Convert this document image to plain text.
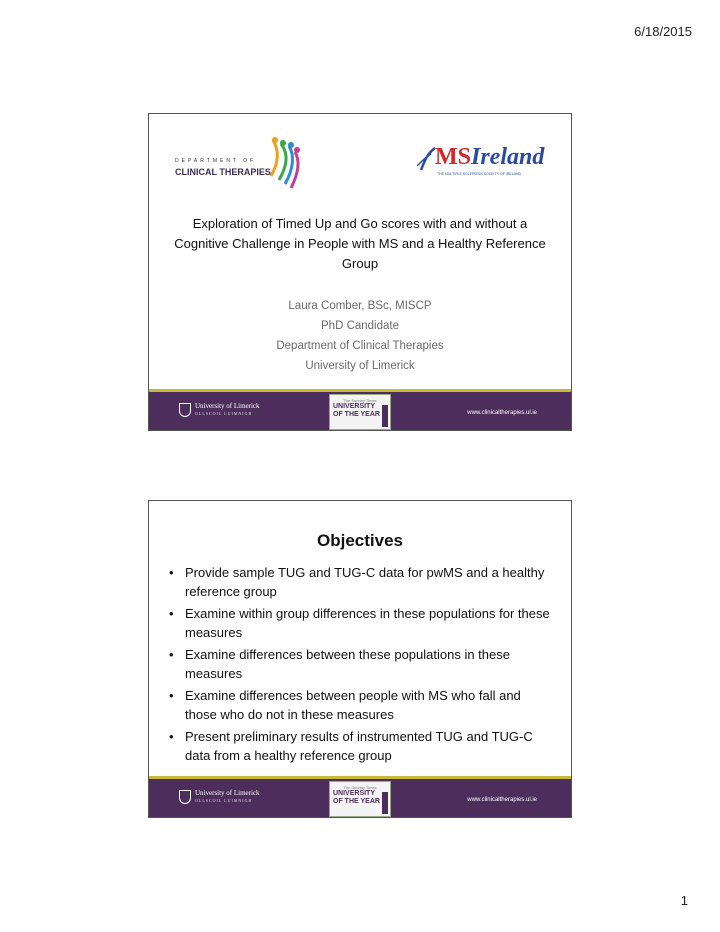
6/18/2015
DEPARTMENT OF
CLINICAL THERAPIES
MSIreland
THE MULTIPLE SCLEROSIS SOCIETY OF IRELAND
Exploration of Timed Up and Go scores with and without a Cognitive Challenge in People with MS and a Healthy Reference Group
Laura Comber, BSc, MISCP
PhD Candidate
Department of Clinical Therapies
University of Limerick
University of Limerick
OLLSCOIL LUIMNIGH
The Sunday Times
UNIVERSITY
OF THE YEAR	www.clinicaltherapies.ul.ie
Objectives
• Provide sample TUG and TUG-C data for pwMS and a healthy reference group
• Examine within group differences in these populations for these measures
• Examine differences between these populations in these measures
• Examine differences between people with MS who fall and those who do not in these measures
• Present preliminary results of instrumented TUG and TUG-C data from a healthy reference group
University of Limerick
OLLSCOIL LUIMNIGH
The Sunday Times
UNIVERSITY
OF THE YEAR	www.clinicaltherapies.ul.ie
1
